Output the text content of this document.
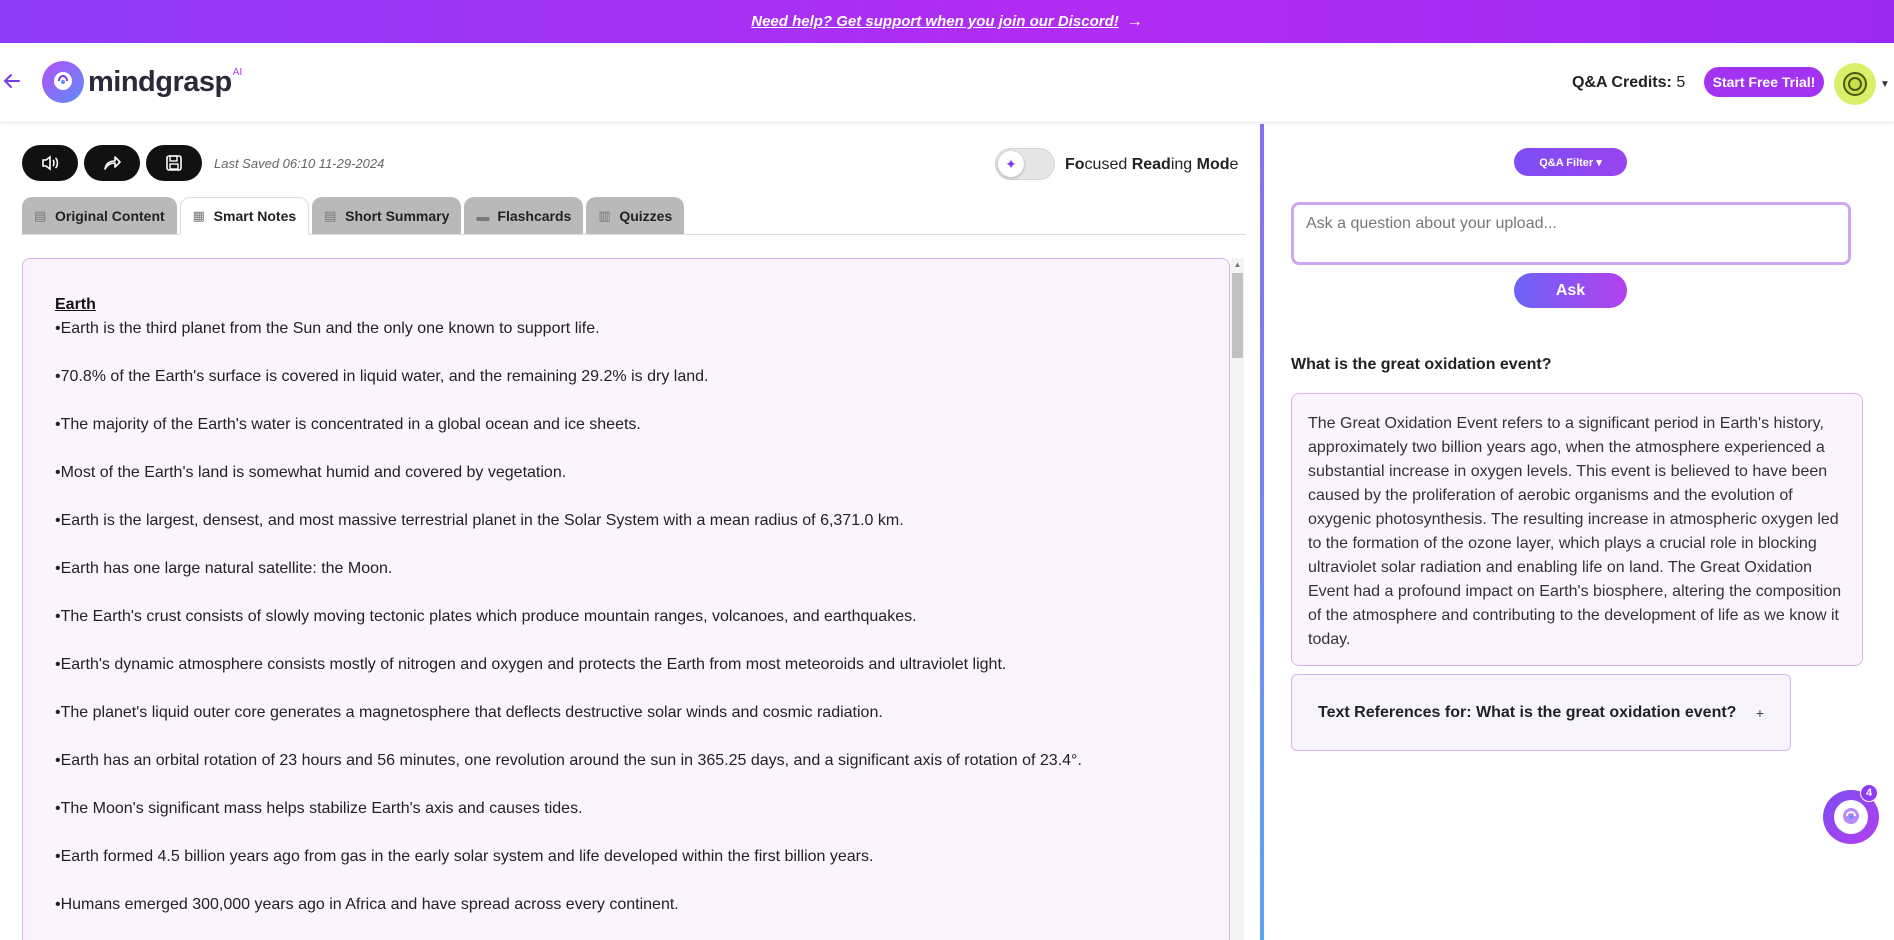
Need help? Get support when you join our Discord! →
mindgrasp AI
Q&A Credits: 5	Start Free Trial!	▼
Last Saved 06:10 11-29-2024	✦	Focused Reading Mode
▤ Original Content ▦ Smart Notes ▤ Short Summary ▬ Flashcards ▥ Quizzes
Earth
•Earth is the third planet from the Sun and the only one known to support life.
•70.8% of the Earth's surface is covered in liquid water, and the remaining 29.2% is dry land.
•The majority of the Earth's water is concentrated in a global ocean and ice sheets.
•Most of the Earth's land is somewhat humid and covered by vegetation.
•Earth is the largest, densest, and most massive terrestrial planet in the Solar System with a mean radius of 6,371.0 km.
•Earth has one large natural satellite: the Moon.
•The Earth's crust consists of slowly moving tectonic plates which produce mountain ranges, volcanoes, and earthquakes.
•Earth's dynamic atmosphere consists mostly of nitrogen and oxygen and protects the Earth from most meteoroids and ultraviolet light.
•The planet's liquid outer core generates a magnetosphere that deflects destructive solar winds and cosmic radiation.
•Earth has an orbital rotation of 23 hours and 56 minutes, one revolution around the sun in 365.25 days, and a significant axis of rotation of 23.4°.
•The Moon's significant mass helps stabilize Earth's axis and causes tides.
•Earth formed 4.5 billion years ago from gas in the early solar system and life developed within the first billion years.
•Humans emerged 300,000 years ago in Africa and have spread across every continent.
▲
Q&A Filter ▾
Ask a question about your upload...
Ask
What is the great oxidation event?
The Great Oxidation Event refers to a significant period in Earth's history, approximately two billion years ago, when the atmosphere experienced a substantial increase in oxygen levels. This event is believed to have been caused by the proliferation of aerobic organisms and the evolution of oxygenic photosynthesis. The resulting increase in atmospheric oxygen led to the formation of the ozone layer, which plays a crucial role in blocking ultraviolet solar radiation and enabling life on land. The Great Oxidation Event had a profound impact on Earth's biosphere, altering the composition of the atmosphere and contributing to the development of life as we know it today.
Text References for: What is the great oxidation event? +
4
